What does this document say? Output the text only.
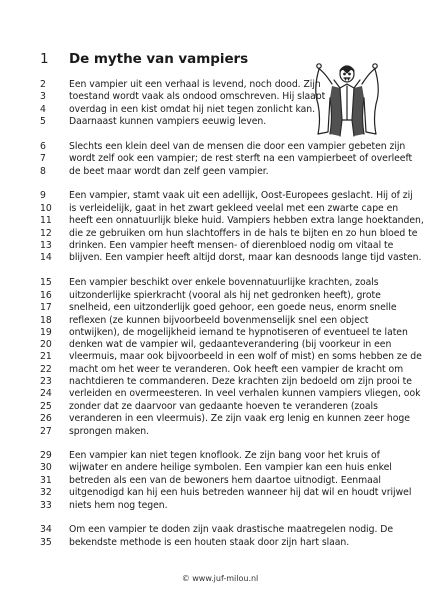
1	De mythe van vampiers
2	Een vampier uit een verhaal is levend, noch dood. Zijn
3	toestand wordt vaak als ondood omschreven. Hij slaapt
4	overdag in een kist omdat hij niet tegen zonlicht kan.
5	Daarnaast kunnen vampiers eeuwig leven.
6	Slechts een klein deel van de mensen die door een vampier gebeten zijn
7	wordt zelf ook een vampier; de rest sterft na een vampierbeet of overleeft
8	de beet maar wordt dan zelf geen vampier.
9	Een vampier, stamt vaak uit een adellijk, Oost-Europees geslacht. Hij of zij
10	is verleidelijk, gaat in het zwart gekleed veelal met een zwarte cape en
11	heeft een onnatuurlijk bleke huid. Vampiers hebben extra lange hoektanden,
12	die ze gebruiken om hun slachtoffers in de hals te bijten en zo hun bloed te
13	drinken. Een vampier heeft mensen- of dierenbloed nodig om vitaal te
14	blijven. Een vampier heeft altijd dorst, maar kan desnoods lange tijd vasten.
15	Een vampier beschikt over enkele bovennatuurlijke krachten, zoals
16	uitzonderlijke spierkracht (vooral als hij net gedronken heeft), grote
17	snelheid, een uitzonderlijk goed gehoor, een goede neus, enorm snelle
18	reflexen (ze kunnen bijvoorbeeld bovenmenselijk snel een object
19	ontwijken), de mogelijkheid iemand te hypnotiseren of eventueel te laten
20	denken wat de vampier wil, gedaanteverandering (bij voorkeur in een
21	vleermuis, maar ook bijvoorbeeld in een wolf of mist) en soms hebben ze de
22	macht om het weer te veranderen. Ook heeft een vampier de kracht om
23	nachtdieren te commanderen. Deze krachten zijn bedoeld om zijn prooi te
24	verleiden en overmeesteren. In veel verhalen kunnen vampiers vliegen, ook
25	zonder dat ze daarvoor van gedaante hoeven te veranderen (zoals
26	veranderen in een vleermuis). Ze zijn vaak erg lenig en kunnen zeer hoge
27	sprongen maken.
29	Een vampier kan niet tegen knoflook. Ze zijn bang voor het kruis of
30	wijwater en andere heilige symbolen. Een vampier kan een huis enkel
31	betreden als een van de bewoners hem daartoe uitnodigt. Eenmaal
32	uitgenodigd kan hij een huis betreden wanneer hij dat wil en houdt vrijwel
33	niets hem nog tegen.
34	Om een vampier te doden zijn vaak drastische maatregelen nodig. De
35	bekendste methode is een houten staak door zijn hart slaan.
© www.juf-milou.nl
